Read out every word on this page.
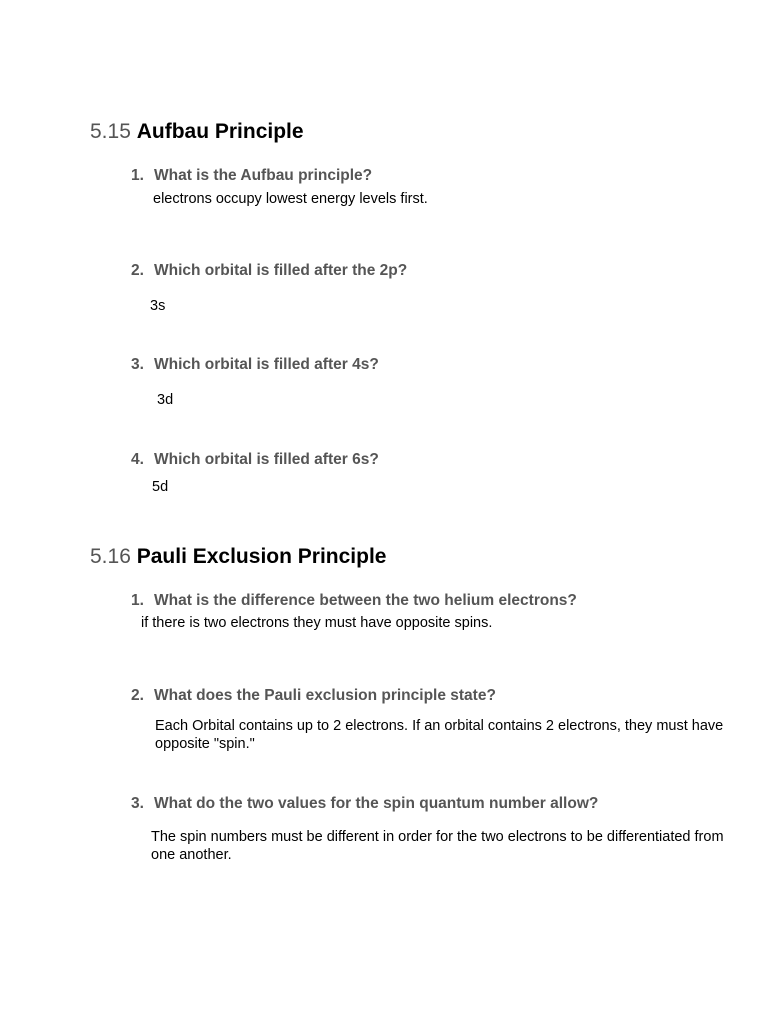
5.15 Aufbau Principle
1. What is the Aufbau principle?
electrons occupy lowest energy levels first.
2. Which orbital is filled after the 2p?
3s
3. Which orbital is filled after 4s?
3d
4. Which orbital is filled after 6s?
5d
5.16 Pauli Exclusion Principle
1. What is the difference between the two helium electrons?
if there is two electrons they must have opposite spins.
2. What does the Pauli exclusion principle state?
Each Orbital contains up to 2 electrons. If an orbital contains 2 electrons, they must have opposite "spin."
3. What do the two values for the spin quantum number allow?
The spin numbers must be different in order for the two electrons to be differentiated from one another.
